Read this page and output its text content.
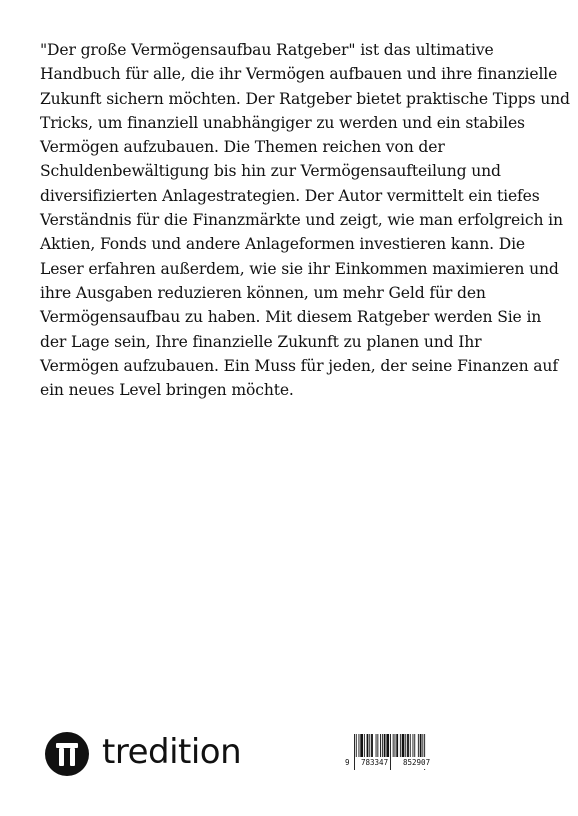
"Der große Vermögensaufbau Ratgeber" ist das ultimative
Handbuch für alle, die ihr Vermögen aufbauen und ihre finanzielle
Zukunft sichern möchten. Der Ratgeber bietet praktische Tipps und
Tricks, um finanziell unabhängiger zu werden und ein stabiles
Vermögen aufzubauen. Die Themen reichen von der
Schuldenbewältigung bis hin zur Vermögensaufteilung und
diversifizierten Anlagestrategien. Der Autor vermittelt ein tiefes
Verständnis für die Finanzmärkte und zeigt, wie man erfolgreich in
Aktien, Fonds und andere Anlageformen investieren kann. Die
Leser erfahren außerdem, wie sie ihr Einkommen maximieren und
ihre Ausgaben reduzieren können, um mehr Geld für den
Vermögensaufbau zu haben. Mit diesem Ratgeber werden Sie in
der Lage sein, Ihre finanzielle Zukunft zu planen und Ihr
Vermögen aufzubauen. Ein Muss für jeden, der seine Finanzen auf
ein neues Level bringen möchte.
tredition	9 783347 852907
